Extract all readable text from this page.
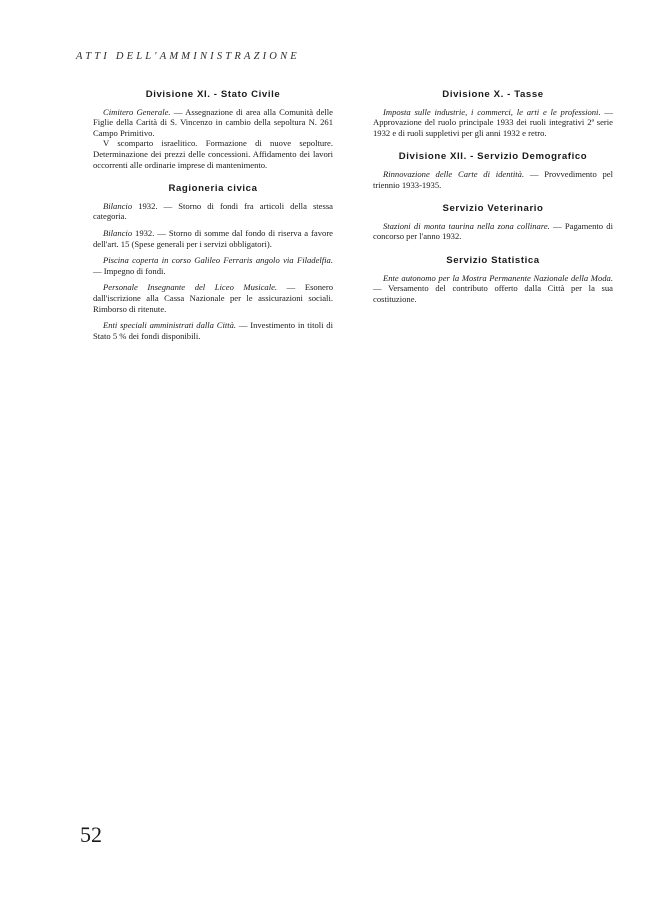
ATTI DELL'AMMINISTRAZIONE
Divisione XI. - Stato Civile

Cimitero Generale. — Assegnazione di area alla Comunità delle Figlie della Carità di S. Vincenzo in cambio della sepoltura N. 261 Campo Primitivo.

V scomparto israelitico. Formazione di nuove sepolture. Determinazione dei prezzi delle concessioni. Affidamento dei lavori occorrenti alle ordinarie imprese di mantenimento.

Ragioneria civica

Bilancio 1932. — Storno di fondi fra articoli della stessa categoria.

Bilancio 1932. — Storno di somme dal fondo di riserva a favore dell'art. 15 (Spese generali per i servizi obbligatori).

Piscina coperta in corso Galileo Ferraris angolo via Filadelfia. — Impegno di fondi.

Personale Insegnante del Liceo Musicale. — Esonero dall'iscrizione alla Cassa Nazionale per le assicurazioni sociali. Rimborso di ritenute.

Enti speciali amministrati dalla Città. — Investimento in titoli di Stato 5 % dei fondi disponibili.

Divisione X. - Tasse

Imposta sulle industrie, i commerci, le arti e le professioni. — Approvazione del ruolo principale 1933 dei ruoli integrativi 2ª serie 1932 e di ruoli suppletivi per gli anni 1932 e retro.

Divisione XII. - Servizio Demografico

Rinnovazione delle Carte di identità. — Provvedimento pel triennio 1933-1935.

Servizio Veterinario

Stazioni di monta taurina nella zona collinare. — Pagamento di concorso per l'anno 1932.

Servizio Statistica

Ente autonomo per la Mostra Permanente Nazionale della Moda. — Versamento del contributo offerto dalla Città per la sua costituzione.

52
